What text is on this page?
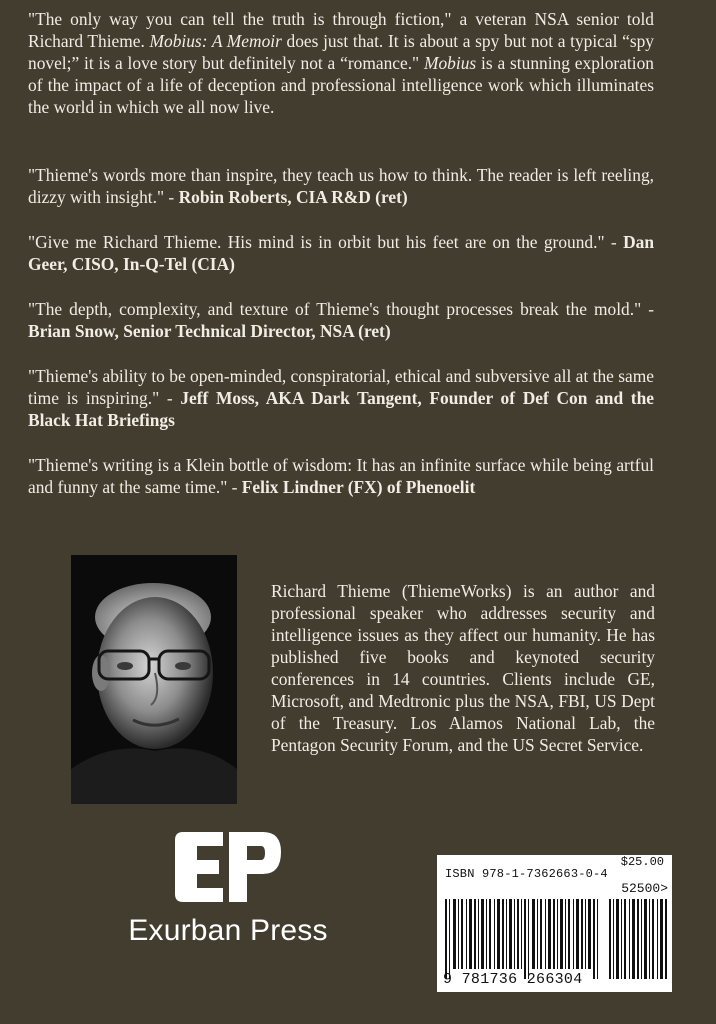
"The only way you can tell the truth is through fiction," a veteran NSA senior told Richard Thieme. Mobius: A Memoir does just that. It is about a spy but not a typical “spy novel;” it is a love story but definitely not a “romance." Mobius is a stunning exploration of the impact of a life of deception and professional intelligence work which illuminates the world in which we all now live.

"Thieme's words more than inspire, they teach us how to think. The reader is left reeling, dizzy with insight." - Robin Roberts, CIA R&D (ret)

"Give me Richard Thieme. His mind is in orbit but his feet are on the ground." - Dan Geer, CISO, In-Q-Tel (CIA)

"The depth, complexity, and texture of Thieme's thought processes break the mold." - Brian Snow, Senior Technical Director, NSA (ret)

"Thieme's ability to be open-minded, conspiratorial, ethical and subversive all at the same time is inspiring." - Jeff Moss, AKA Dark Tangent, Founder of Def Con and the Black Hat Briefings

"Thieme's writing is a Klein bottle of wisdom: It has an infinite surface while being artful and funny at the same time." - Felix Lindner (FX) of Phenoelit

Richard Thieme (ThiemeWorks) is an author and professional speaker who addresses security and intelligence issues as they affect our humanity. He has published five books and keynoted security conferences in 14 countries. Clients include GE, Microsoft, and Medtronic plus the NSA, FBI, US Dept of the Treasury. Los Alamos National Lab, the Pentagon Security Forum, and the US Secret Service.
Exurban Press
$25.00
ISBN 978-1-7362663-0-4
52500>
9 781736 266304
